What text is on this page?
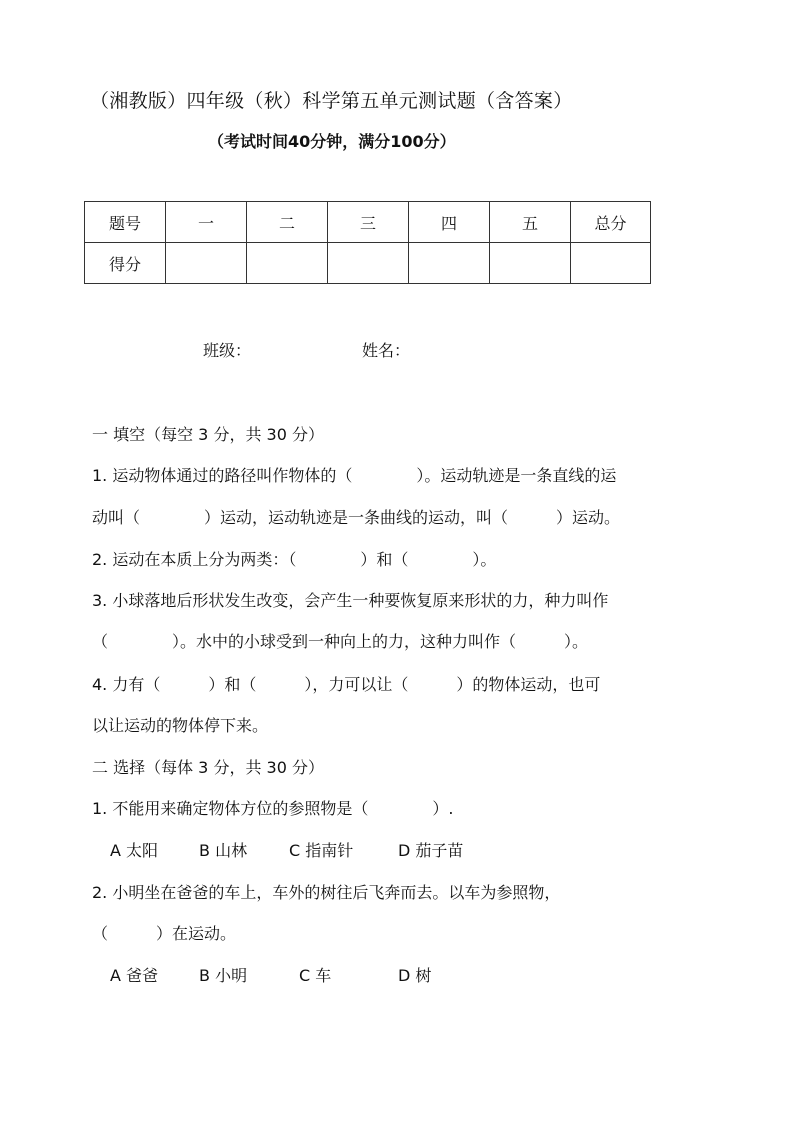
（湘教版）四年级（秋）科学第五单元测试题（含答案）
（考试时间40分钟，满分100分）
题号	一	二	三	四	五	总分
得分						
班级：	姓名：
一 填空（每空 3 分，共 30 分）
1. 运动物体通过的路径叫作物体的（　　　　）。运动轨迹是一条直线的运
动叫（　　　　）运动，运动轨迹是一条曲线的运动，叫（　　　）运动。
2. 运动在本质上分为两类：（　　　　）和（　　　　）。
3. 小球落地后形状发生改变，会产生一种要恢复原来形状的力，种力叫作
（　　　　）。水中的小球受到一种向上的力，这种力叫作（　　　）。
4. 力有（　　　）和（　　　），力可以让（　　　）的物体运动，也可
以让运动的物体停下来。
二 选择（每体 3 分，共 30 分）
1. 不能用来确定物体方位的参照物是（　　　　）.
A 太阳	B 山林	C 指南针	D 茄子苗
2. 小明坐在爸爸的车上，车外的树往后飞奔而去。以车为参照物，
（　　　）在运动。
A 爸爸	B 小明	C 车	D 树
